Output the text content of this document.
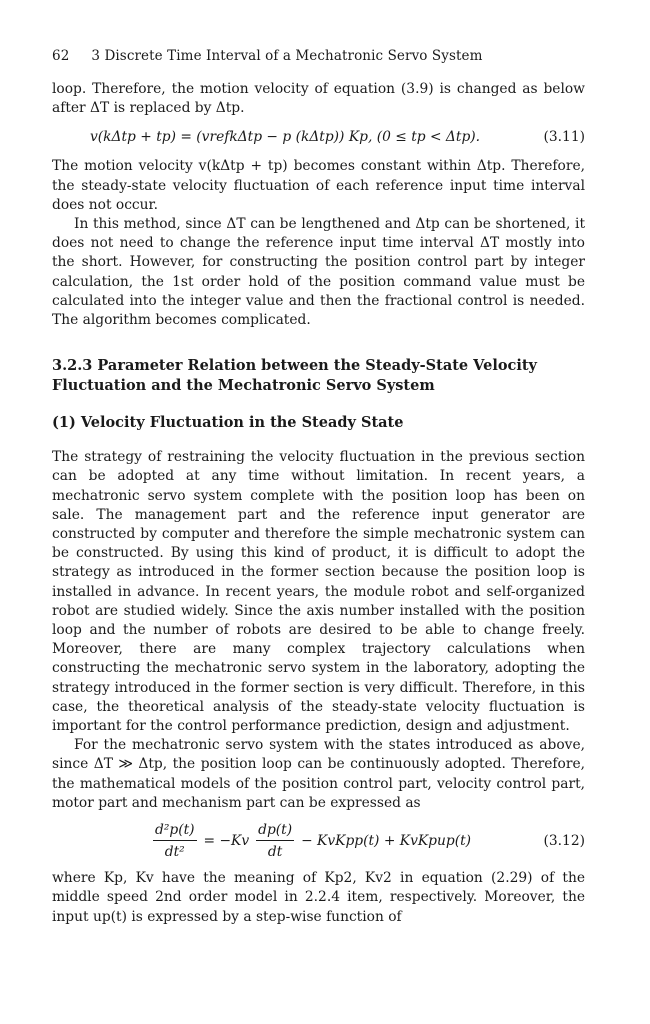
62 3 Discrete Time Interval of a Mechatronic Servo System

loop. Therefore, the motion velocity of equation (3.9) is changed as below after ΔT is replaced by Δtp.

v(kΔtp + tp) = (vrefkΔtp − p (kΔtp)) Kp, (0 ≤ tp < Δtp).	(3.11)

The motion velocity v(kΔtp + tp) becomes constant within Δtp. Therefore, the steady-state velocity fluctuation of each reference input time interval does not occur.

In this method, since ΔT can be lengthened and Δtp can be shortened, it does not need to change the reference input time interval ΔT mostly into the short. However, for constructing the position control part by integer calculation, the 1st order hold of the position command value must be calculated into the integer value and then the fractional control is needed. The algorithm becomes complicated.

3.2.3 Parameter Relation between the Steady-State Velocity Fluctuation and the Mechatronic Servo System
(1) Velocity Fluctuation in the Steady State

The strategy of restraining the velocity fluctuation in the previous section can be adopted at any time without limitation. In recent years, a mechatronic servo system complete with the position loop has been on sale. The management part and the reference input generator are constructed by computer and therefore the simple mechatronic system can be constructed. By using this kind of product, it is difficult to adopt the strategy as introduced in the former section because the position loop is installed in advance. In recent years, the module robot and self-organized robot are studied widely. Since the axis number installed with the position loop and the number of robots are desired to be able to change freely. Moreover, there are many complex trajectory calculations when constructing the mechatronic servo system in the laboratory, adopting the strategy introduced in the former section is very difficult. Therefore, in this case, the theoretical analysis of the steady-state velocity fluctuation is important for the control performance prediction, design and adjustment.

For the mechatronic servo system with the states introduced as above, since ΔT ≫ Δtp, the position loop can be continuously adopted. Therefore, the mathematical models of the position control part, velocity control part, motor part and mechanism part can be expressed as

$\frac{\text{d²p(t)}}{\text{dt²}} = -Kv \frac{dp(t)}{dt}$ − KvKpp(t) + KvKpup(t)	(3.12)

where Kp, Kv have the meaning of Kp2, Kv2 in equation (2.29) of the middle speed 2nd order model in 2.2.4 item, respectively. Moreover, the input up(t) is expressed by a step-wise function of
